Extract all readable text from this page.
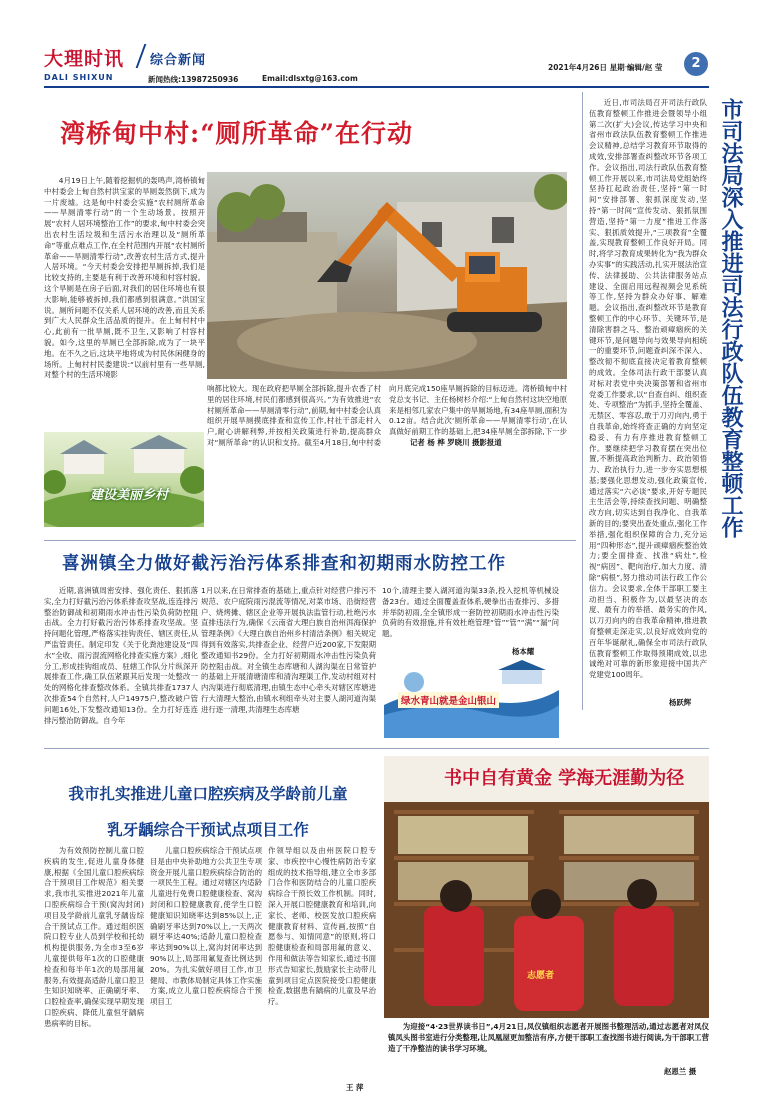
大理时讯 综合新闻
DALI SHIXUN	新闻热线:13987250936	Email:dlsxtg@163.com
2021年4月26日 星期一
编辑/赵 莹	2
湾桥甸中村:“厕所革命”在行动

4月19日上午,随着挖掘机的轰鸣声,湾桥镇甸中村委会上甸自然村洪宝家的旱厕轰然倒下,成为一片废墟。这是甸中村委会实施“农村厕所革命——旱厕清零行动”的一个生动场景。按照开展“农村人居环境整治工作”的要求,甸中村委会突出农村生活垃圾和生活污水治理以及“厕所革命”等重点难点工作,在全村范围内开展“农村厕所革命——旱厕清零行动”,改善农村生活方式,提升人居环境。“今天村委会安排把旱厕拆掉,我们是比较支持的,主要是有利于改善环境和村容村貌。这个旱厕是在房子后面,对我们的居住环境也有很大影响,能够被拆掉,我们都感到很满意。”洪国宝说。厕所问题不仅关系人居环境的改善,而且关系到广大人民群众生活品质的提升。在上甸村村中心,此前有一批旱厕,既不卫生,又影响了村容村貌。如今,这里的旱厕已全部拆除,成为了一块平地。在不久之后,这块平地将成为村民休闲健身的场所。上甸村村民娄建说:“以前村里有一些旱厕,对整个村的生活环境影

响都比较大。现在政府把旱厕全部拆除,提升农香了村里的居住环境,村民们都感到很高兴。”为有效推进“农村厕所革命——旱厕清零行动”,前期,甸中村委会认真组织开展旱厕摸底排查和宣传工作,村社干部走村入户,耐心讲解利弊,并按相关政策进行补助,提高群众对“厕所革命”的认识和支持。截至4月18日,甸中村委

向月底完成150座旱厕拆除的目标迈进。湾桥镇甸中村党总支书记、主任杨树杉介绍:“上甸自然村这块空地原来是相邻几家农户集中的旱厕场地,有34座旱厕,面积为0.12亩。结合此次‘厕所革命——旱厕清零行动’,在认真做好前期工作的基础上,把34座旱厕全部拆除,下一步

记者 杨 桦 罗晓川 摄影报道
建设美丽乡村

近日,市司法局召开司法行政队伍教育整顿工作推进会暨领导小组第二次(扩大)会议,传达学习中央和省州市政法队伍教育整顿工作推进会议精神,总结学习教育环节取得的成效,安排部署查纠整改环节各项工作。会议指出,司法行政队伍教育整顿工作开展以来,市司法局党组始终坚持扛起政治责任,坚持“第一时间”安排部署、狠抓深度发动,坚持“第一时间”宣传发动、狠抓氛围营造,坚持“第一力度”推进工作落实、狠抓质效提升,“三项教育”全覆盖,实现教育整顿工作良好开局。同时,将学习教育成果转化为“我为群众办实事”的实践活动,扎实开展法治宣传、法律援助、公共法律服务站点建设、全面启用远程视频会见系统等工作,坚持为群众办好事、解难题。会议指出,查纠整改环节是教育整顿工作的中心环节、关键环节,是清除害群之马、整治顽瘴痼疾的关键环节,是问题导向与效果导向相统一的重要环节,问题查纠深不深入、整改彻不彻底直接决定着教育整顿的成效。全体司法行政干部要认真对标对表党中央决策部署和省州市党委工作要求,以“自查自纠、组织查处、专项整治”为抓手,坚持全覆盖、无禁区、零容忍,敢于刀刃向内,勇于自我革命,始终将查正确的方向坚定稳妥、有力有序推进教育整顿工作。要继续把学习教育摆在突出位置,不断提高政治判断力、政治领悟力、政治执行力,进一步夯实思想根基;要强化思想发动,强化政策宣传,通过落实“六必谈”要求,开好专题民主生活会等,持续查找问题、明确整改方向,切实达到自我净化、自我革新的目的;要突出查处重点,强化工作举措,强化组织保障的合力,充分运用“四种形态”,提升顽瘴痼疾整治效力;要全面排查、找准“病灶”,检视“病因”、靶向治疗,加大力度、清除“病根”,努力推动司法行政工作公信力。会议要求,全体干部职工要主动担当、积极作为,以最坚决的态度、最有力的举措、最务实的作风,以刀刃向内的自我革命精神,推进教育整顿走深走实,以良好成效向党的百年华诞献礼,确保全市司法行政队伍教育整顿工作取得预期成效,以忠诚绝对可靠的新形象迎接中国共产党建党100周年。

杨跃辉
市司法局深入推进司法行政队伍教育整顿工作
喜洲镇全力做好截污治污体系排查和初期雨水防控工作

近期,喜洲镇周密安排、强化责任、狠抓落实,全力打好截污治污体系排查攻坚战,连连排污整治防御战和初期雨水冲击性污染负荷防控阻击战。全力打好截污治污体系排查攻坚战。坚持问题化管理,严格落实挂钩责任、辖区责任,从严监管责任。制定印发《关于化粪池建设及“四水”全收、雨污混流网格化排查实施方案》,细化分工,形成挂钩组成员、驻辖工作队分片纵深开展排查工作,确工队伍紧跟其后发现一处整改一处的网格化排查整改体系。全镇共排查1737人次排查54个自然村,人户14975户,整改破户管问题16处,下发整改通知13份。全力打好连连排污整治防御战。自今年

1月以来,在日常排查的基础上,重点针对经营户排污不规范、农户庭院雨污混流等情况,对菜市场、沿街经营户、烧烤摊、辖区企业等开展执法监管行动,杜绝污水直排违法行为,确保《云南省大理白族自治州洱海保护管理条例》《大理白族自治州乡村清洁条例》相关规定得到有效落实,共排查企业、经营户近200家,下发限期整改通知书29份。全力打好初期雨水冲击性污染负荷防控阻击战。对全镇生态库塘和人湖沟渠在日常管护的基础上开展清塘清库和清沟理渠工作,发动村组对村内沟渠进行彻底清理,由镇生态中心牵头对辖区库塘进行大清理大整治,由镇水利组牵头对主要人湖河道沟渠进行逐一清理,共清理生态库塘

10个,清理主要入湖河道沟渠33条,投入挖机等机械设备23台。通过全面覆盖查体系,硬拳出击查排污、多措并举防初雨,全全镇形成一套防控初期雨水冲击性污染负荷的有效措施,并有效杜绝管理“管”“管”“满”“漏”问题。

杨本耀
绿水青山就是金山银山
我市扎实推进儿童口腔疾病及学龄前儿童
乳牙龋综合干预试点项目工作

为有效预防控制儿童口腔疾病的发生,促进儿童身体健康,根据《全国儿童口腔疾病综合干预项目工作规范》相关要求,我市扎实推进2021年儿童口腔疾病综合干预(窝沟封闭)项目及学龄前儿童乳牙龋齿综合干预试点工作。通过组织医院口腔专业人员到学校和托幼机构提供服务,为全市3至6岁儿童提供每年1次的口腔健康检查和每半年1次的局部用氟服务,有效提高适龄儿童口腔卫生知识知晓率、正确刷牙率、口腔检查率,确保实现早期发现口腔疾病、降低儿童恒牙龋病患病率的目标。

儿童口腔疾病综合干预试点项目是由中央补助地方公共卫生专项资金开展儿童口腔疾病综合防治的一项民生工程。通过对辖区内适龄儿童进行免费口腔健康检查、窝沟封闭和口腔健康教育,使学生口腔健康知识知晓率达到85%以上,正确刷牙率达到70%以上,一天两次刷牙率达40%;适龄儿童口腔检查率达到90%以上,窝沟封闭率达到90%以上,局部用氟复查比例达到20%。为扎实做好项目工作,市卫健局、市教体局制定具体工作实施方案,成立儿童口腔疾病综合干预项目工

作领导组以及由州医院口腔专家、市疾控中心慢性病防治专家组成的技术指导组,建立全市多部门合作和医防结合的儿童口腔疾病综合干预长效工作机制。同时,深入开展口腔健康教育和培训,向家长、老师、校医发放口腔疾病健康教育材料、宣传画,按照“自愿参与、知情同意”的原则,将口腔健康检查和局部用氟的意义、作用和做法等告知家长,通过书面形式告知家长,鼓励家长主动带儿童到项目定点医院接受口腔健康检查,数据患有龋病的儿童及早治疗。

王 萍
书中自有黄金 学海无涯勤为径
志愿者

为迎接“4·23世界读书日”,4月21日,凤仪镇组织志愿者开展图书整理活动,通过志愿者对凤仪镇凤头图书室进行分类整理,让凤凰屋更加整洁有序,方便干部职工查找图书进行阅读,为干部职工营造了干净整洁的读书学习环境。

赵恩兰 摄
